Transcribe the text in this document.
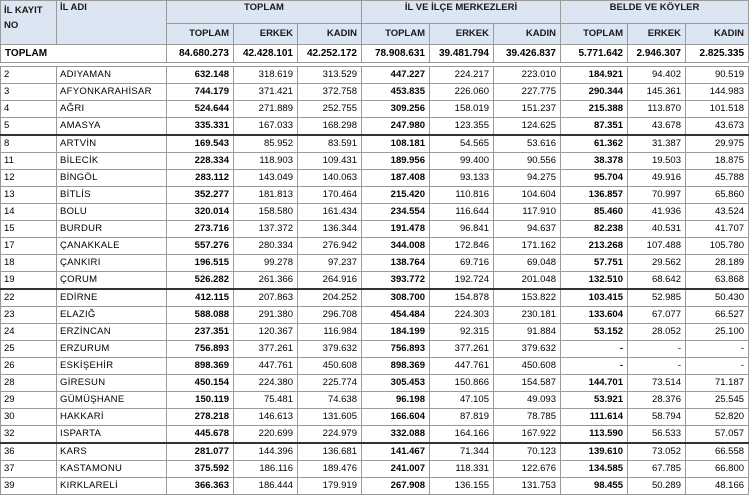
İL KAYIT NO	İL ADI	TOPLAM			İL VE İLÇE MERKEZLERİ			BELDE VE KÖYLER		
		TOPLAM	ERKEK	KADIN	TOPLAM	ERKEK	KADIN	TOPLAM	ERKEK	KADIN
TOPLAM		84.680.273	42.428.101	42.252.172	78.908.631	39.481.794	39.426.837	5.771.642	2.946.307	2.825.335

2	ADIYAMAN	632.148	318.619	313.529	447.227	224.217	223.010	184.921	94.402	90.519
3	AFYONKARAHİSAR	744.179	371.421	372.758	453.835	226.060	227.775	290.344	145.361	144.983
4	AĞRI	524.644	271.889	252.755	309.256	158.019	151.237	215.388	113.870	101.518
5	AMASYA	335.331	167.033	168.298	247.980	123.355	124.625	87.351	43.678	43.673
8	ARTVİN	169.543	85.952	83.591	108.181	54.565	53.616	61.362	31.387	29.975
11	BİLECİK	228.334	118.903	109.431	189.956	99.400	90.556	38.378	19.503	18.875
12	BİNGÖL	283.112	143.049	140.063	187.408	93.133	94.275	95.704	49.916	45.788
13	BİTLİS	352.277	181.813	170.464	215.420	110.816	104.604	136.857	70.997	65.860
14	BOLU	320.014	158.580	161.434	234.554	116.644	117.910	85.460	41.936	43.524
15	BURDUR	273.716	137.372	136.344	191.478	96.841	94.637	82.238	40.531	41.707
17	ÇANAKKALE	557.276	280.334	276.942	344.008	172.846	171.162	213.268	107.488	105.780
18	ÇANKIRI	196.515	99.278	97.237	138.764	69.716	69.048	57.751	29.562	28.189
19	ÇORUM	526.282	261.366	264.916	393.772	192.724	201.048	132.510	68.642	63.868
22	EDİRNE	412.115	207.863	204.252	308.700	154.878	153.822	103.415	52.985	50.430
23	ELAZIĞ	588.088	291.380	296.708	454.484	224.303	230.181	133.604	67.077	66.527
24	ERZİNCAN	237.351	120.367	116.984	184.199	92.315	91.884	53.152	28.052	25.100
25	ERZURUM	756.893	377.261	379.632	756.893	377.261	379.632	-	-	-
26	ESKİŞEHİR	898.369	447.761	450.608	898.369	447.761	450.608	-	-	-
28	GİRESUN	450.154	224.380	225.774	305.453	150.866	154.587	144.701	73.514	71.187
29	GÜMÜŞHANE	150.119	75.481	74.638	96.198	47.105	49.093	53.921	28.376	25.545
30	HAKKARİ	278.218	146.613	131.605	166.604	87.819	78.785	111.614	58.794	52.820
32	ISPARTA	445.678	220.699	224.979	332.088	164.166	167.922	113.590	56.533	57.057
36	KARS	281.077	144.396	136.681	141.467	71.344	70.123	139.610	73.052	66.558
37	KASTAMONU	375.592	186.116	189.476	241.007	118.331	122.676	134.585	67.785	66.800
39	KIRKLARELİ	366.363	186.444	179.919	267.908	136.155	131.753	98.455	50.289	48.166
